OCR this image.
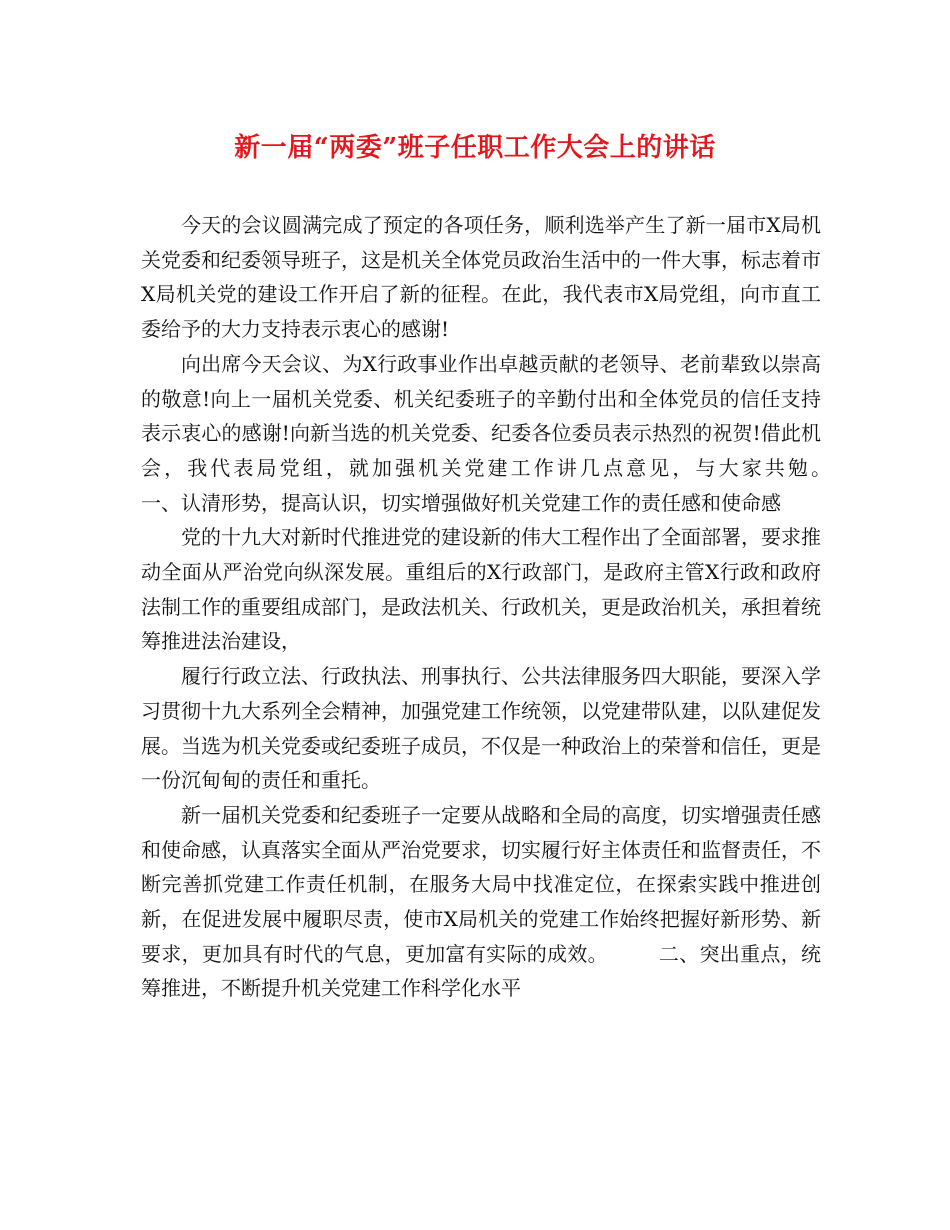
新一届“两委”班子任职工作大会上的讲话

今天的会议圆满完成了预定的各项任务，顺利选举产生了新一届市X局机关党委和纪委领导班子，这是机关全体党员政治生活中的一件大事，标志着市X局机关党的建设工作开启了新的征程。在此，我代表市X局党组，向市直工委给予的大力支持表示衷心的感谢!

向出席今天会议、为X行政事业作出卓越贡献的老领导、老前辈致以崇高的敬意!向上一届机关党委、机关纪委班子的辛勤付出和全体党员的信任支持表示衷心的感谢!向新当选的机关党委、纪委各位委员表示热烈的祝贺!借此机会，我代表局党组，就加强机关党建工作讲几点意见，与大家共勉。　　　一、认清形势，提高认识，切实增强做好机关党建工作的责任感和使命感

党的十九大对新时代推进党的建设新的伟大工程作出了全面部署，要求推动全面从严治党向纵深发展。重组后的X行政部门，是政府主管X行政和政府法制工作的重要组成部门，是政法机关、行政机关，更是政治机关，承担着统筹推进法治建设，

履行行政立法、行政执法、刑事执行、公共法律服务四大职能，要深入学习贯彻十九大系列全会精神，加强党建工作统领，以党建带队建，以队建促发展。当选为机关党委或纪委班子成员，不仅是一种政治上的荣誉和信任，更是一份沉甸甸的责任和重托。

新一届机关党委和纪委班子一定要从战略和全局的高度，切实增强责任感和使命感，认真落实全面从严治党要求，切实履行好主体责任和监督责任，不断完善抓党建工作责任机制，在服务大局中找准定位，在探索实践中推进创新，在促进发展中履职尽责，使市X局机关的党建工作始终把握好新形势、新要求，更加具有时代的气息，更加富有实际的成效。　　　二、突出重点，统筹推进，不断提升机关党建工作科学化水平
